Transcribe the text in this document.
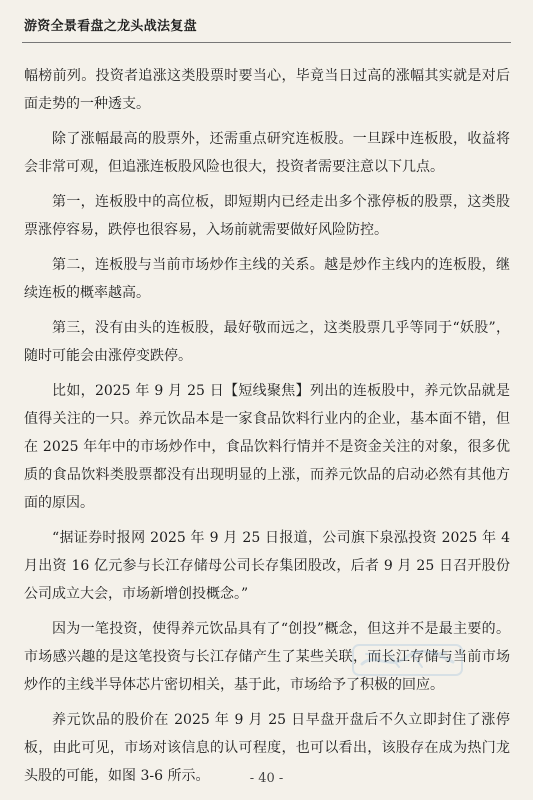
游资全景看盘之龙头战法复盘

幅榜前列。投资者追涨这类股票时要当心，毕竟当日过高的涨幅其实就是对后面走势的一种透支。

除了涨幅最高的股票外，还需重点研究连板股。一旦踩中连板股，收益将会非常可观，但追涨连板股风险也很大，投资者需要注意以下几点。

第一，连板股中的高位板，即短期内已经走出多个涨停板的股票，这类股票涨停容易，跌停也很容易，入场前就需要做好风险防控。

第二，连板股与当前市场炒作主线的关系。越是炒作主线内的连板股，继续连板的概率越高。

第三，没有由头的连板股，最好敬而远之，这类股票几乎等同于“妖股”，随时可能会由涨停变跌停。

比如，2025 年 9 月 25 日【短线聚焦】列出的连板股中，养元饮品就是值得关注的一只。养元饮品本是一家食品饮料行业内的企业，基本面不错，但在 2025 年年中的市场炒作中，食品饮料行情并不是资金关注的对象，很多优质的食品饮料类股票都没有出现明显的上涨，而养元饮品的启动必然有其他方面的原因。

“据证券时报网 2025 年 9 月 25 日报道，公司旗下泉泓投资 2025 年 4 月出资 16 亿元参与长江存储母公司长存集团股改，后者 9 月 25 日召开股份公司成立大会，市场新增创投概念。”

因为一笔投资，使得养元饮品具有了“创投”概念，但这并不是最主要的。市场感兴趣的是这笔投资与长江存储产生了某些关联，而长江存储与当前市场炒作的主线半导体芯片密切相关，基于此，市场给予了积极的回应。

养元饮品的股价在 2025 年 9 月 25 日早盘开盘后不久立即封住了涨停板，由此可见，市场对该信息的认可程度，也可以看出，该股存在成为热门龙头股的可能，如图 3-6 所示。	- 40 -
